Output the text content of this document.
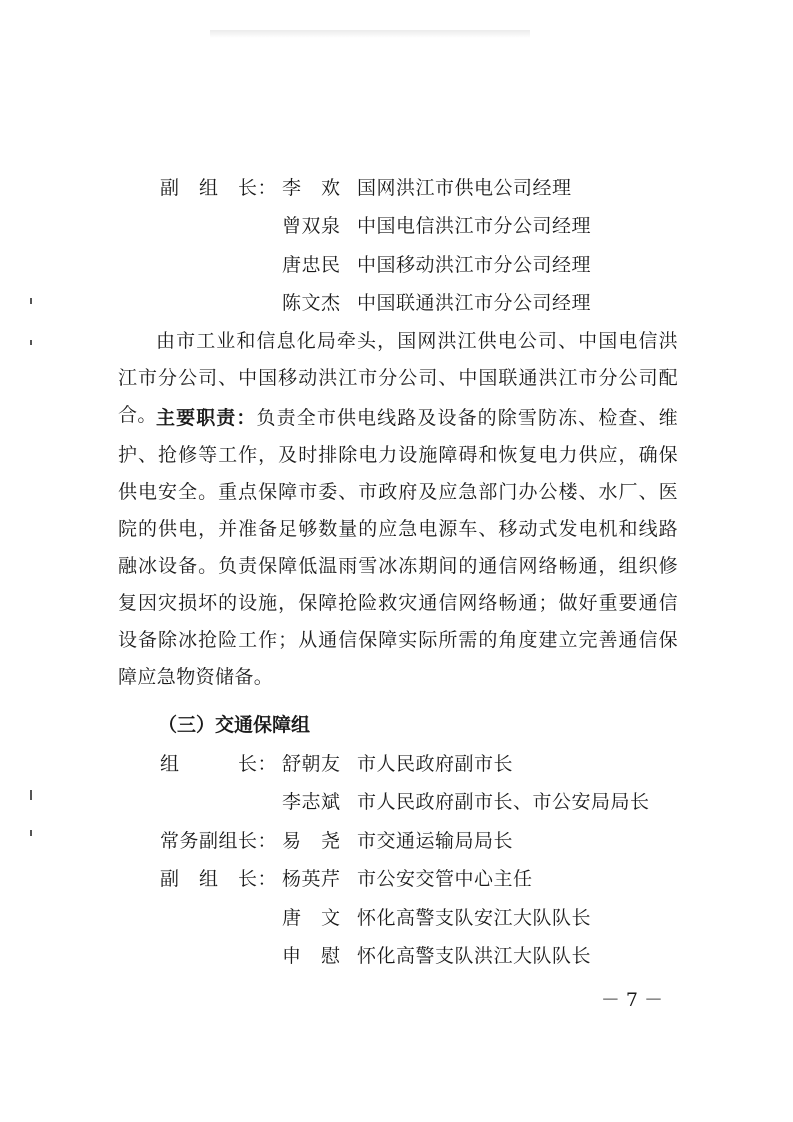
副　组　长： 李　欢 国网洪江市供电公司经理
曾双泉 中国电信洪江市分公司经理
唐忠民 中国移动洪江市分公司经理
陈文杰 中国联通洪江市分公司经理
由市工业和信息化局牵头，国网洪江供电公司、中国电信洪江市分公司、中国移动洪江市分公司、中国联通洪江市分公司配合。 主要职责：负责全市供电线路及设备的除雪防冻、检查、维护、抢修等工作，及时排除电力设施障碍和恢复电力供应，确保供电安全。重点保障市委、市政府及应急部门办公楼、水厂、医院的供电，并准备足够数量的应急电源车、移动式发电机和线路融冰设备。负责保障低温雨雪冰冻期间的通信网络畅通，组织修复因灾损坏的设施，保障抢险救灾通信网络畅通；做好重要通信设备除冰抢险工作；从通信保障实际所需的角度建立完善通信保障应急物资储备。
（三）交通保障组
组　　　长： 舒朝友 市人民政府副市长
李志斌 市人民政府副市长、市公安局局长
常务副组长： 易　尧 市交通运输局局长
副　组　长： 杨英芹 市公安交管中心主任
唐　文 怀化高警支队安江大队队长
申　慰 怀化高警支队洪江大队队长
－ 7 －
